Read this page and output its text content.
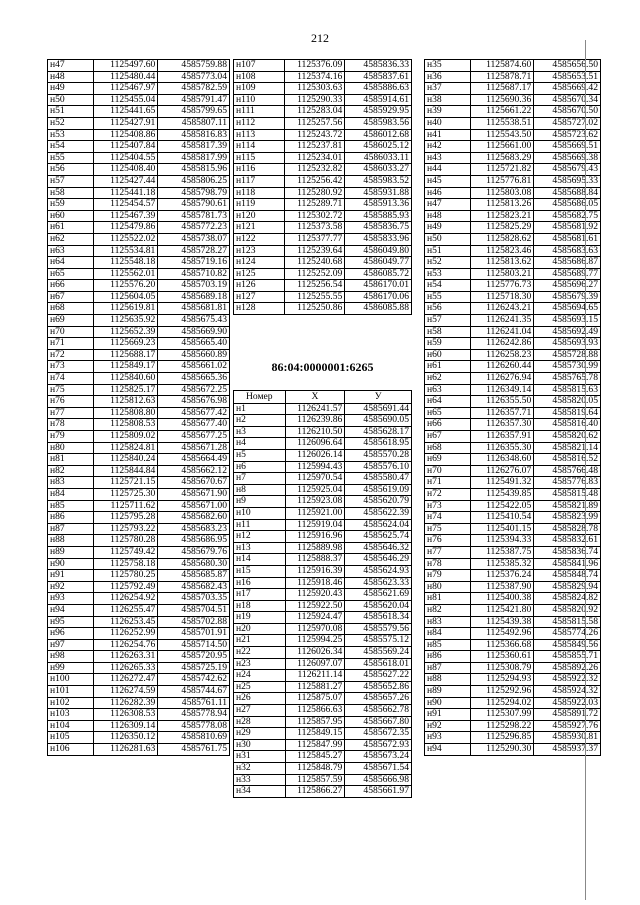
212
н47	1125497.60	4585759.88
н48	1125480.44	4585773.04
н49	1125467.97	4585782.59
н50	1125455.04	4585791.47
н51	1125441.65	4585799.65
н52	1125427.91	4585807.11
н53	1125408.86	4585816.83
н54	1125407.84	4585817.39
н55	1125404.55	4585817.99
н56	1125408.40	4585815.96
н57	1125427.44	4585806.25
н58	1125441.18	4585798.79
н59	1125454.57	4585790.61
н60	1125467.39	4585781.73
н61	1125479.86	4585772.23
н62	1125522.02	4585738.07
н63	1125534.81	4585728.27
н64	1125548.18	4585719.16
н65	1125562.01	4585710.82
н66	1125576.20	4585703.19
н67	1125604.05	4585689.18
н68	1125619.81	4585681.81
н69	1125635.92	4585675.43
н70	1125652.39	4585669.90
н71	1125669.23	4585665.40
н72	1125688.17	4585660.89
н73	1125849.17	4585661.02
н74	1125840.60	4585665.36
н75	1125825.17	4585672.25
н76	1125812.63	4585676.98
н77	1125808.80	4585677.42
н78	1125808.53	4585677.40
н79	1125809.02	4585677.25
н80	1125824.81	4585671.28
н81	1125840.24	4585664.49
н82	1125844.84	4585662.12
н83	1125721.15	4585670.67
н84	1125725.30	4585671.90
н85	1125711.62	4585671.00
н86	1125795.28	4585682.60
н87	1125793.22	4585683.23
н88	1125780.28	4585686.95
н89	1125749.42	4585679.76
н90	1125758.18	4585680.30
н91	1125780.25	4585685.87
н92	1125792.49	4585682.43
н93	1126254.92	4585703.35
н94	1126255.47	4585704.51
н95	1126253.45	4585702.88
н96	1126252.99	4585701.91
н97	1126254.76	4585714.50
н98	1126263.31	4585720.95
н99	1126265.33	4585725.19
н100	1126272.47	4585742.62
н101	1126274.59	4585744.67
н102	1126282.39	4585761.11
н103	1126308.53	4585778.94
н104	1126309.14	4585778.08
н105	1126350.12	4585810.69
н106	1126281.63	4585761.75
н107	1125376.09	4585836.33
н108	1125374.16	4585837.61
н109	1125303.63	4585886.63
н110	1125290.33	4585914.61
н111	1125283.04	4585929.95
н112	1125257.56	4585983.56
н113	1125243.72	4586012.68
н114	1125237.81	4586025.12
н115	1125234.01	4586033.11
н116	1125232.82	4586033.27
н117	1125256.42	4585983.52
н118	1125280.92	4585931.88
н119	1125289.71	4585913.36
н120	1125302.72	4585885.93
н121	1125373.58	4585836.75
н122	1125377.77	4585833.96
н123	1125239.64	4586049.80
н124	1125240.68	4586049.77
н125	1125252.09	4586085.72
н126	1125256.54	4586170.01
н127	1125255.55	4586170.06
н128	1125250.86	4586085.88
86:04:0000001:6265
Номер	X	У
н1	1126241.57	4585691.44
н2	1126239.86	4585690.05
н3	1126210.50	4585628.17
н4	1126096.64	4585618.95
н5	1126026.14	4585570.28
н6	1125994.43	4585576.10
н7	1125970.54	4585580.47
н8	1125925.04	4585619.09
н9	1125923.08	4585620.79
н10	1125921.00	4585622.39
н11	1125919.04	4585624.04
н12	1125916.96	4585625.74
н13	1125889.98	4585646.32
н14	1125888.37	4585646.29
н15	1125916.39	4585624.93
н16	1125918.46	4585623.33
н17	1125920.43	4585621.69
н18	1125922.50	4585620.04
н19	1125924.47	4585618.34
н20	1125970.08	4585579.56
н21	1125994.25	4585575.12
н22	1126026.34	4585569.24
н23	1126097.07	4585618.01
н24	1126211.14	4585627.22
н25	1125881.27	4585652.86
н26	1125875.07	4585657.26
н27	1125866.63	4585662.78
н28	1125857.95	4585667.80
н29	1125849.15	4585672.35
н30	1125847.99	4585672.93
н31	1125845.27	4585673.24
н32	1125848.79	4585671.54
н33	1125857.59	4585666.98
н34	1125866.27	4585661.97
н35	1125874.60	4585656.50
н36	1125878.71	4585653.51
н37	1125687.17	4585669.42
н38	1125690.36	4585670.34
н39	1125661.22	4585670.50
н40	1125538.51	4585727.02
н41	1125543.50	4585723.62
н42	1125661.00	4585669.51
н43	1125683.29	4585669.38
н44	1125721.82	4585679.43
н45	1125776.81	4585695.33
н46	1125803.08	4585688.84
н47	1125813.26	4585686.05
н48	1125823.21	4585682.75
н49	1125825.29	4585681.92
н50	1125828.62	4585681.61
н51	1125823.46	4585683.63
н52	1125813.62	4585686.87
н53	1125803.21	4585689.77
н54	1125776.73	4585696.27
н55	1125718.30	4585679.39
н56	1126243.21	4585694.65
н57	1126241.35	4585693.15
н58	1126241.04	4585692.49
н59	1126242.86	4585693.93
н60	1126258.23	4585728.88
н61	1126260.44	4585730.99
н62	1126276.94	4585765.78
н63	1126349.14	4585815.63
н64	1126355.50	4585820.05
н65	1126357.71	4585819.64
н66	1126357.30	4585816.40
н67	1126357.91	4585820.62
н68	1126355.30	4585821.14
н69	1126348.60	4585816.52
н70	1126276.07	4585766.48
н71	1125491.32	4585776.83
н72	1125439.85	4585815.48
н73	1125422.05	4585821.89
н74	1125410.54	4585823.99
н75	1125401.15	4585828.78
н76	1125394.33	4585832.61
н77	1125387.75	4585836.74
н78	1125385.32	4585841.96
н79	1125376.24	4585848.74
н80	1125387.90	4585829.94
н81	1125400.38	4585824.82
н82	1125421.80	4585820.92
н83	1125439.38	4585815.58
н84	1125492.96	4585774.26
н85	1125366.68	4585849.56
н86	1125360.61	4585855.71
н87	1125308.79	4585892.26
н88	1125294.93	4585922.32
н89	1125292.96	4585924.32
н90	1125294.02	4585922.03
н91	1125307.99	4585891.72
н92	1125298.22	4585927.76
н93	1125296.85	4585930.81
н94	1125290.30	4585937.37
